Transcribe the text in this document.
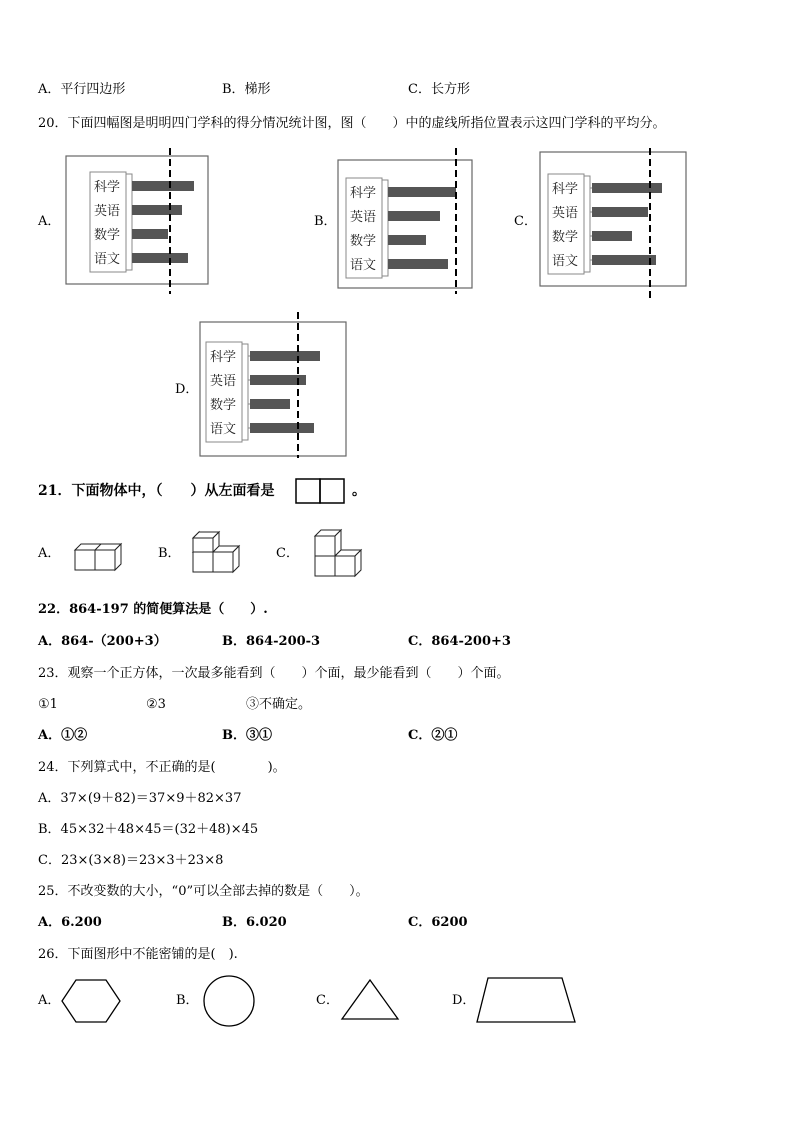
A．平行四边形	B．梯形	C．长方形
20．下面四幅图是明明四门学科的得分情况统计图，图（　　）中的虚线所指位置表示这四门学科的平均分。
A．
科学
英语
数学
语文
B．
科学
英语
数学
语文
C．
科学
英语
数学
语文
D．
科学
英语
数学
语文
21．下面物体中，（　　）从左面看是	。
A．	B．	C．
22．864-197 的简便算法是（　　）.
A．864-（200+3）	B．864-200-3	C．864-200+3
23．观察一个正方体，一次最多能看到（　　）个面，最少能看到（　　）个面。
①1	②3	③不确定。
A．①②	B．③①	C．②①
24．下列算式中，不正确的是(　　　　)。
A．37×(9＋82)＝37×9＋82×37
B．45×32＋48×45＝(32＋48)×45
C．23×(3×8)＝23×3＋23×8
25．不改变数的大小，“0”可以全部去掉的数是（　　）。
A．6.200	B．6.020	C．6200
26．下面图形中不能密铺的是(　).
A．	B．	C．	D．
